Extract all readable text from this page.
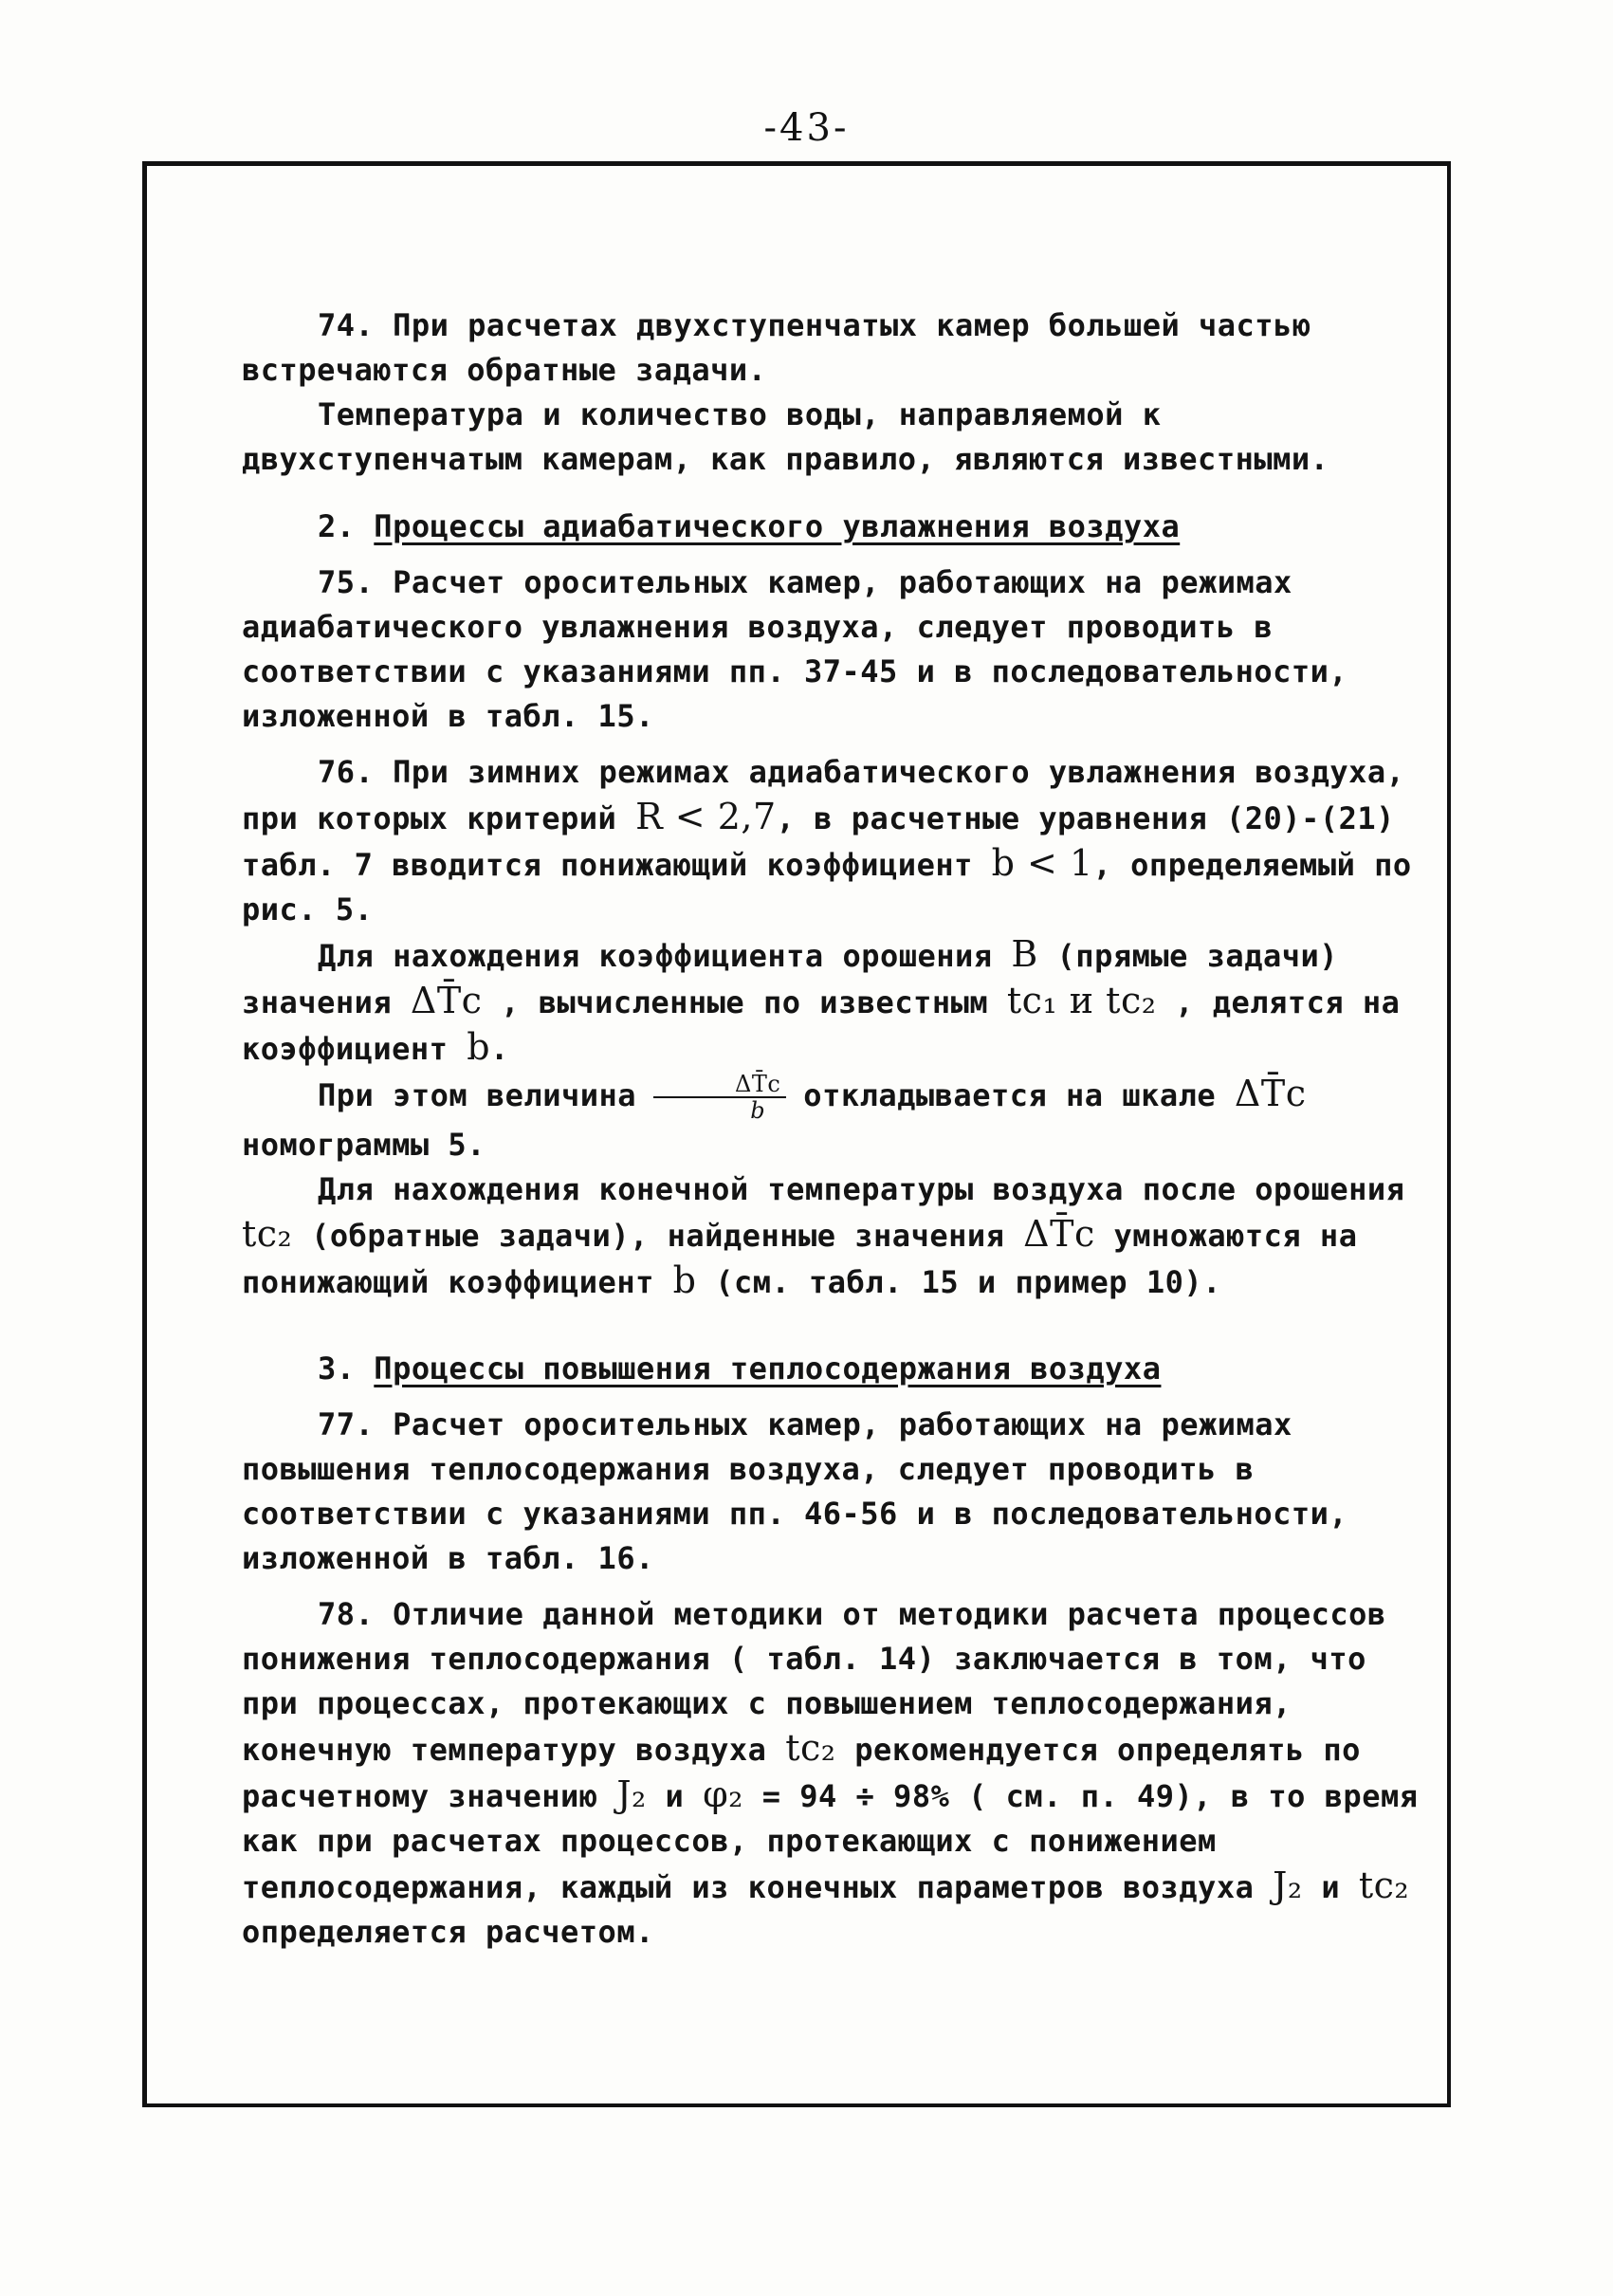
-43-

74. При расчетах двухступенчатых камер большей частью встречаются обратные задачи.

Температура и количество воды, направляемой к двухступенчатым камерам, как правило, являются известными.

2. Процессы адиабатического увлажнения воздуха

75. Расчет оросительных камер, работающих на режимах адиабатического увлажнения воздуха, следует проводить в соответствии с указаниями пп. 37-45 и в последовательности, изложенной в табл. 15.

76. При зимних режимах адиабатического увлажнения воздуха, при которых критерий R < 2,7, в расчетные уравнения (20)-(21) табл. 7 вводится понижающий коэффициент b < 1, определяемый по рис. 5.

Для нахождения коэффициента орошения B (прямые задачи) значения ΔT̄c , вычисленные по известным tc₁ и tc₂ , делятся на коэффициент b.

При этом величина $\frac{\Delta T̄c}{b}$ откладывается на шкале ΔT̄c номограммы 5.

Для нахождения конечной температуры воздуха после орошения tc₂ (обратные задачи), найденные значения ΔT̄c умножаются на понижающий коэффициент b (см. табл. 15 и пример 10).

3. Процессы повышения теплосодержания воздуха

77. Расчет оросительных камер, работающих на режимах повышения теплосодержания воздуха, следует проводить в соответствии с указаниями пп. 46-56 и в последовательности, изложенной в табл. 16.

78. Отличие данной методики от методики расчета процессов понижения теплосодержания ( табл. 14) заключается в том, что при процессах, протекающих с повышением теплосодержания, конечную температуру воздуха tc₂ рекомендуется определять по расчетному значению J₂ и φ₂ = 94 ÷ 98% ( см. п. 49), в то время как при расчетах процессов, протекающих с понижением теплосодержания, каждый из конечных параметров воздуха J₂ и tc₂ определяется расчетом.
